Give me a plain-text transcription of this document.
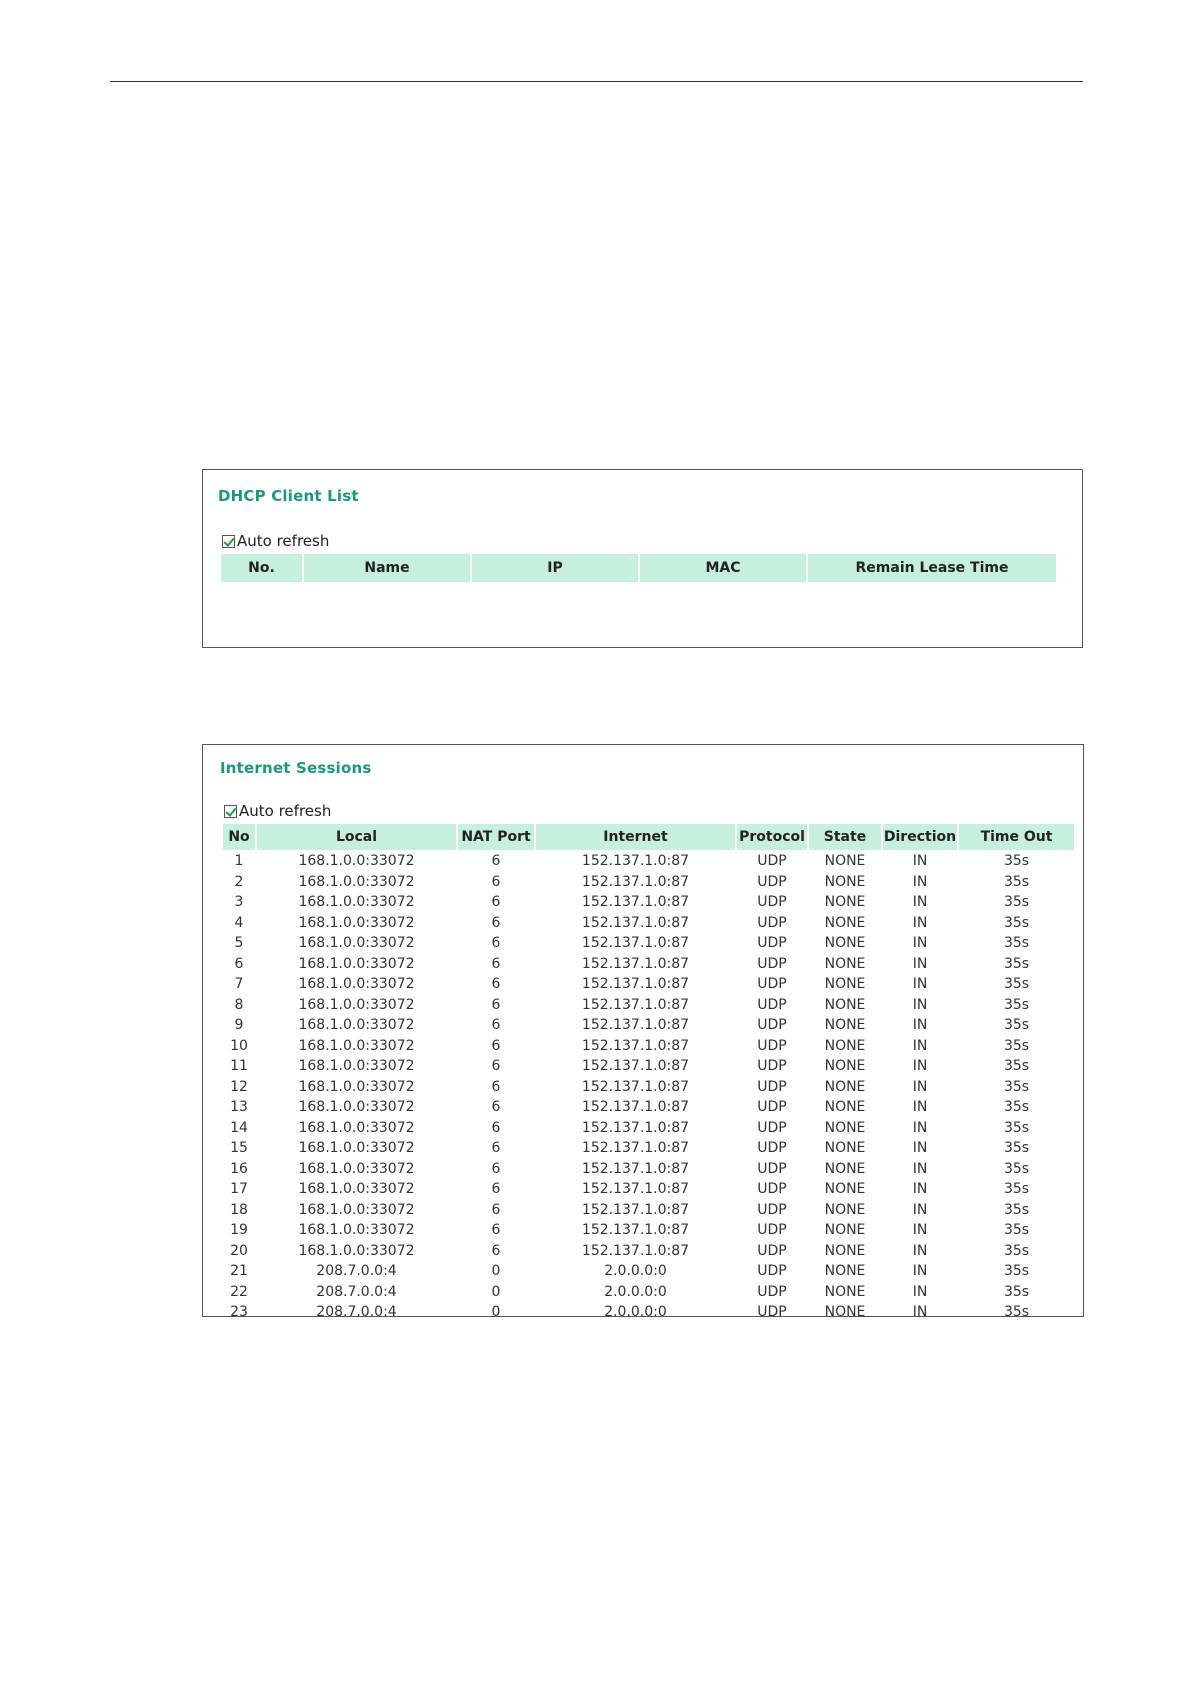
DHCP Client List
Auto refresh
No.	Name	IP	MAC	Remain Lease Time
Internet Sessions
Auto refresh
No	Local	NAT Port	Internet	Protocol	State	Direction	Time Out
1	168.1.0.0:33072	6	152.137.1.0:87	UDP	NONE	IN	35s
2	168.1.0.0:33072	6	152.137.1.0:87	UDP	NONE	IN	35s
3	168.1.0.0:33072	6	152.137.1.0:87	UDP	NONE	IN	35s
4	168.1.0.0:33072	6	152.137.1.0:87	UDP	NONE	IN	35s
5	168.1.0.0:33072	6	152.137.1.0:87	UDP	NONE	IN	35s
6	168.1.0.0:33072	6	152.137.1.0:87	UDP	NONE	IN	35s
7	168.1.0.0:33072	6	152.137.1.0:87	UDP	NONE	IN	35s
8	168.1.0.0:33072	6	152.137.1.0:87	UDP	NONE	IN	35s
9	168.1.0.0:33072	6	152.137.1.0:87	UDP	NONE	IN	35s
10	168.1.0.0:33072	6	152.137.1.0:87	UDP	NONE	IN	35s
11	168.1.0.0:33072	6	152.137.1.0:87	UDP	NONE	IN	35s
12	168.1.0.0:33072	6	152.137.1.0:87	UDP	NONE	IN	35s
13	168.1.0.0:33072	6	152.137.1.0:87	UDP	NONE	IN	35s
14	168.1.0.0:33072	6	152.137.1.0:87	UDP	NONE	IN	35s
15	168.1.0.0:33072	6	152.137.1.0:87	UDP	NONE	IN	35s
16	168.1.0.0:33072	6	152.137.1.0:87	UDP	NONE	IN	35s
17	168.1.0.0:33072	6	152.137.1.0:87	UDP	NONE	IN	35s
18	168.1.0.0:33072	6	152.137.1.0:87	UDP	NONE	IN	35s
19	168.1.0.0:33072	6	152.137.1.0:87	UDP	NONE	IN	35s
20	168.1.0.0:33072	6	152.137.1.0:87	UDP	NONE	IN	35s
21	208.7.0.0:4	0	2.0.0.0:0	UDP	NONE	IN	35s
22	208.7.0.0:4	0	2.0.0.0:0	UDP	NONE	IN	35s
23	208.7.0.0:4	0	2.0.0.0:0	UDP	NONE	IN	35s
